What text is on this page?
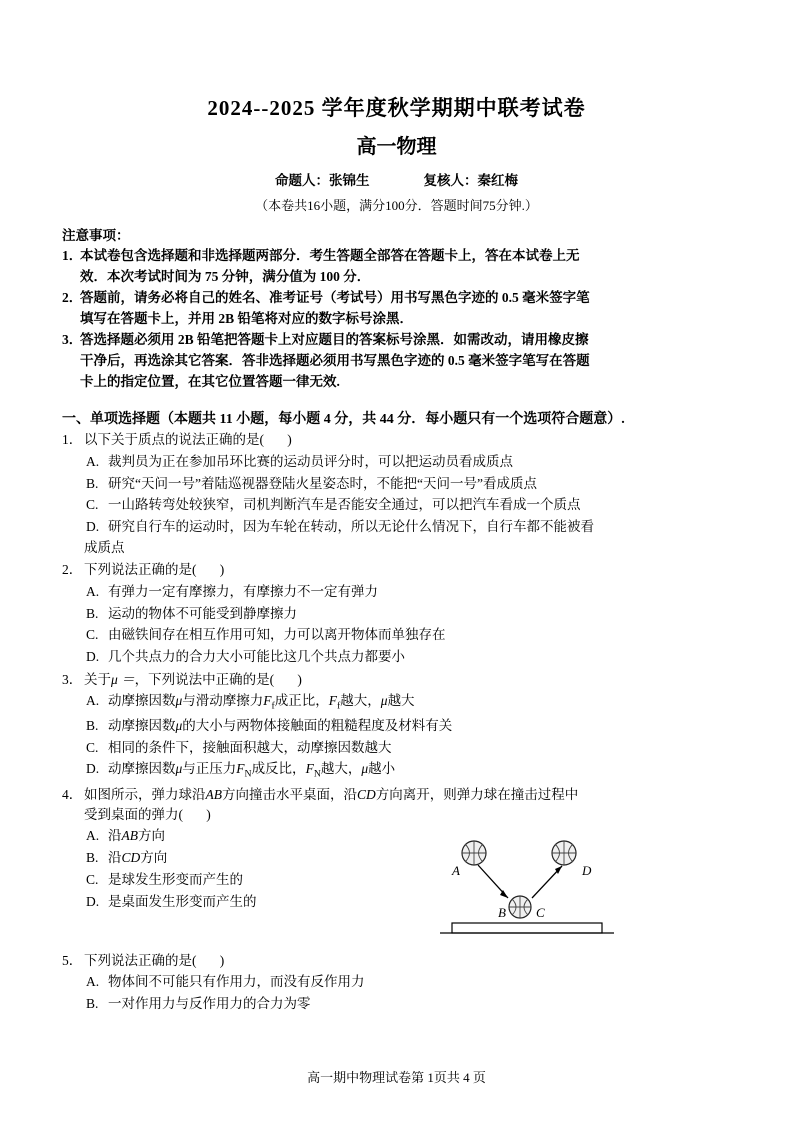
2024--2025 学年度秋学期期中联考试卷
高一物理
命题人：张锦生	复核人：秦红梅
（本卷共16小题，满分100分．答题时间75分钟.）
注意事项：
1．
本试卷包含选择题和非选择题两部分．考生答题全部答在答题卡上，答在本试卷上无
效．本次考试时间为 75 分钟，满分值为 100 分．
2．
答题前，请务必将自己的姓名、准考证号（考试号）用书写黑色字迹的 0.5 毫米签字笔
填写在答题卡上，并用 2B 铅笔将对应的数字标号涂黑．
3．
答选择题必须用 2B 铅笔把答题卡上对应题目的答案标号涂黑．如需改动，请用橡皮擦
干净后，再选涂其它答案．答非选择题必须用书写黑色字迹的 0.5 毫米签字笔写在答题
卡上的指定位置，在其它位置答题一律无效.
一、单项选择题（本题共 11 小题，每小题 4 分，共 44 分．每小题只有一个选项符合题意）.
1． 以下关于质点的说法正确的是( )
A. 裁判员为正在参加吊环比赛的运动员评分时，可以把运动员看成质点
B. 研究“天问一号”着陆巡视器登陆火星姿态时，不能把“天问一号”看成质点
C. 一山路转弯处较狭窄，司机判断汽车是否能安全通过，可以把汽车看成一个质点
D. 研究自行车的运动时，因为车轮在转动，所以无论什么情况下，自行车都不能被看
成质点
2． 下列说法正确的是( )
A. 有弹力一定有摩擦力，有摩擦力不一定有弹力
B. 运动的物体不可能受到静摩擦力
C. 由磁铁间存在相互作用可知，力可以离开物体而单独存在
D. 几个共点力的合力大小可能比这几个共点力都要小
3． 关于μ ＝，下列说法中正确的是( )
A. 动摩擦因数μ与滑动摩擦力$F_f$成正比，$F_f$越大，μ越大
B. 动摩擦因数μ的大小与两物体接触面的粗糙程度及材料有关
C. 相同的条件下，接触面积越大，动摩擦因数越大
D. 动摩擦因数μ与正压力$F_N$成反比，$F_N$越大，μ越小
4． 如图所示，弹力球沿AB方向撞击水平桌面，沿CD方向离开，则弹力球在撞击过程中
受到桌面的弹力( )
A. 沿AB方向
B. 沿CD方向
C. 是球发生形变而产生的
D. 是桌面发生形变而产生的
A	D
B C
5． 下列说法正确的是( )
A. 物体间不可能只有作用力，而没有反作用力
B. 一对作用力与反作用力的合力为零
高一期中物理试卷第 1页共 4 页
